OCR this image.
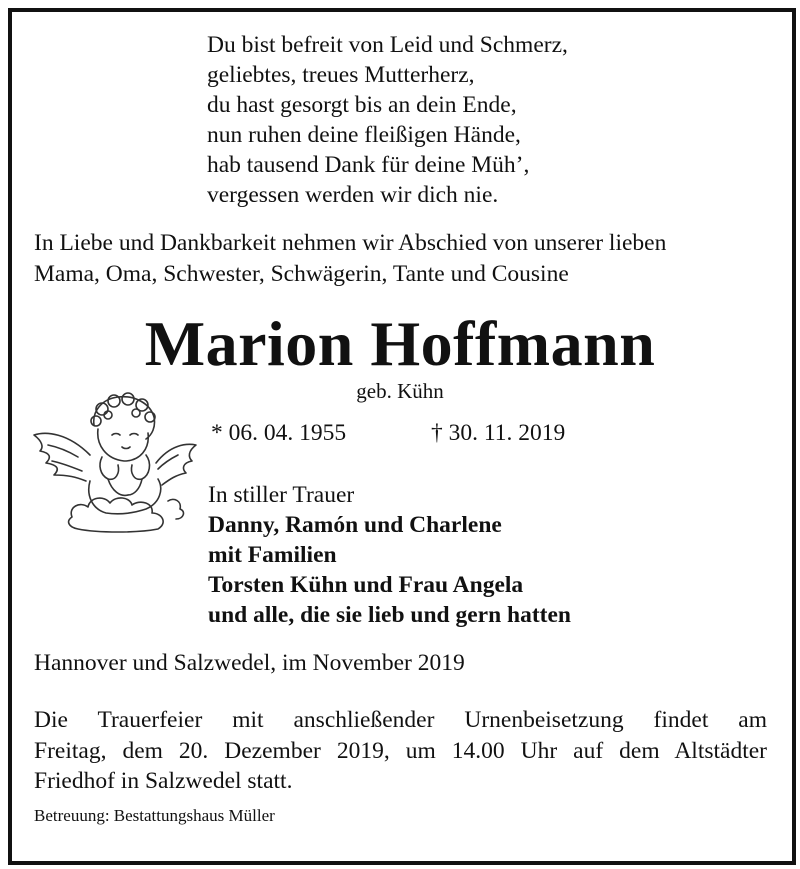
Du bist befreit von Leid und Schmerz,
geliebtes, treues Mutterherz,
du hast gesorgt bis an dein Ende,
nun ruhen deine fleißigen Hände,
hab tausend Dank für deine Müh’,
vergessen werden wir dich nie.
In Liebe und Dankbarkeit nehmen wir Abschied von unserer lieben
Mama, Oma, Schwester, Schwägerin, Tante und Cousine
Marion Hoffmann
geb. Kühn
* 06. 04. 1955	† 30. 11. 2019
In stiller Trauer
Danny, Ramón und Charlene
mit Familien
Torsten Kühn und Frau Angela
und alle, die sie lieb und gern hatten
Hannover und Salzwedel, im November 2019
Die Trauerfeier mit anschließender Urnenbeisetzung findet am
Freitag, dem 20. Dezember 2019, um 14.00 Uhr auf dem Altstädter
Friedhof in Salzwedel statt.
Betreuung: Bestattungshaus Müller
